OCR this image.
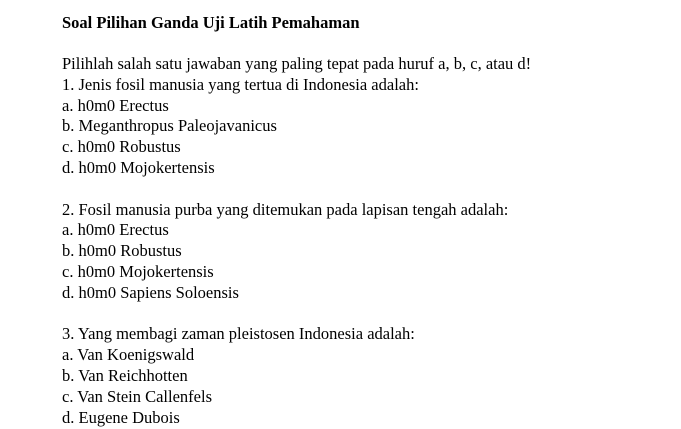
Soal Pilihan Ganda Uji Latih Pemahaman
Pilihlah salah satu jawaban yang paling tepat pada huruf a, b, c, atau d!
1. Jenis fosil manusia yang tertua di Indonesia adalah:
a. h0m0 Erectus
b. Meganthropus Paleojavanicus
c. h0m0 Robustus
d. h0m0 Mojokertensis
2. Fosil manusia purba yang ditemukan pada lapisan tengah adalah:
a. h0m0 Erectus
b. h0m0 Robustus
c. h0m0 Mojokertensis
d. h0m0 Sapiens Soloensis
3. Yang membagi zaman pleistosen Indonesia adalah:
a. Van Koenigswald
b. Van Reichhotten
c. Van Stein Callenfels
d. Eugene Dubois
